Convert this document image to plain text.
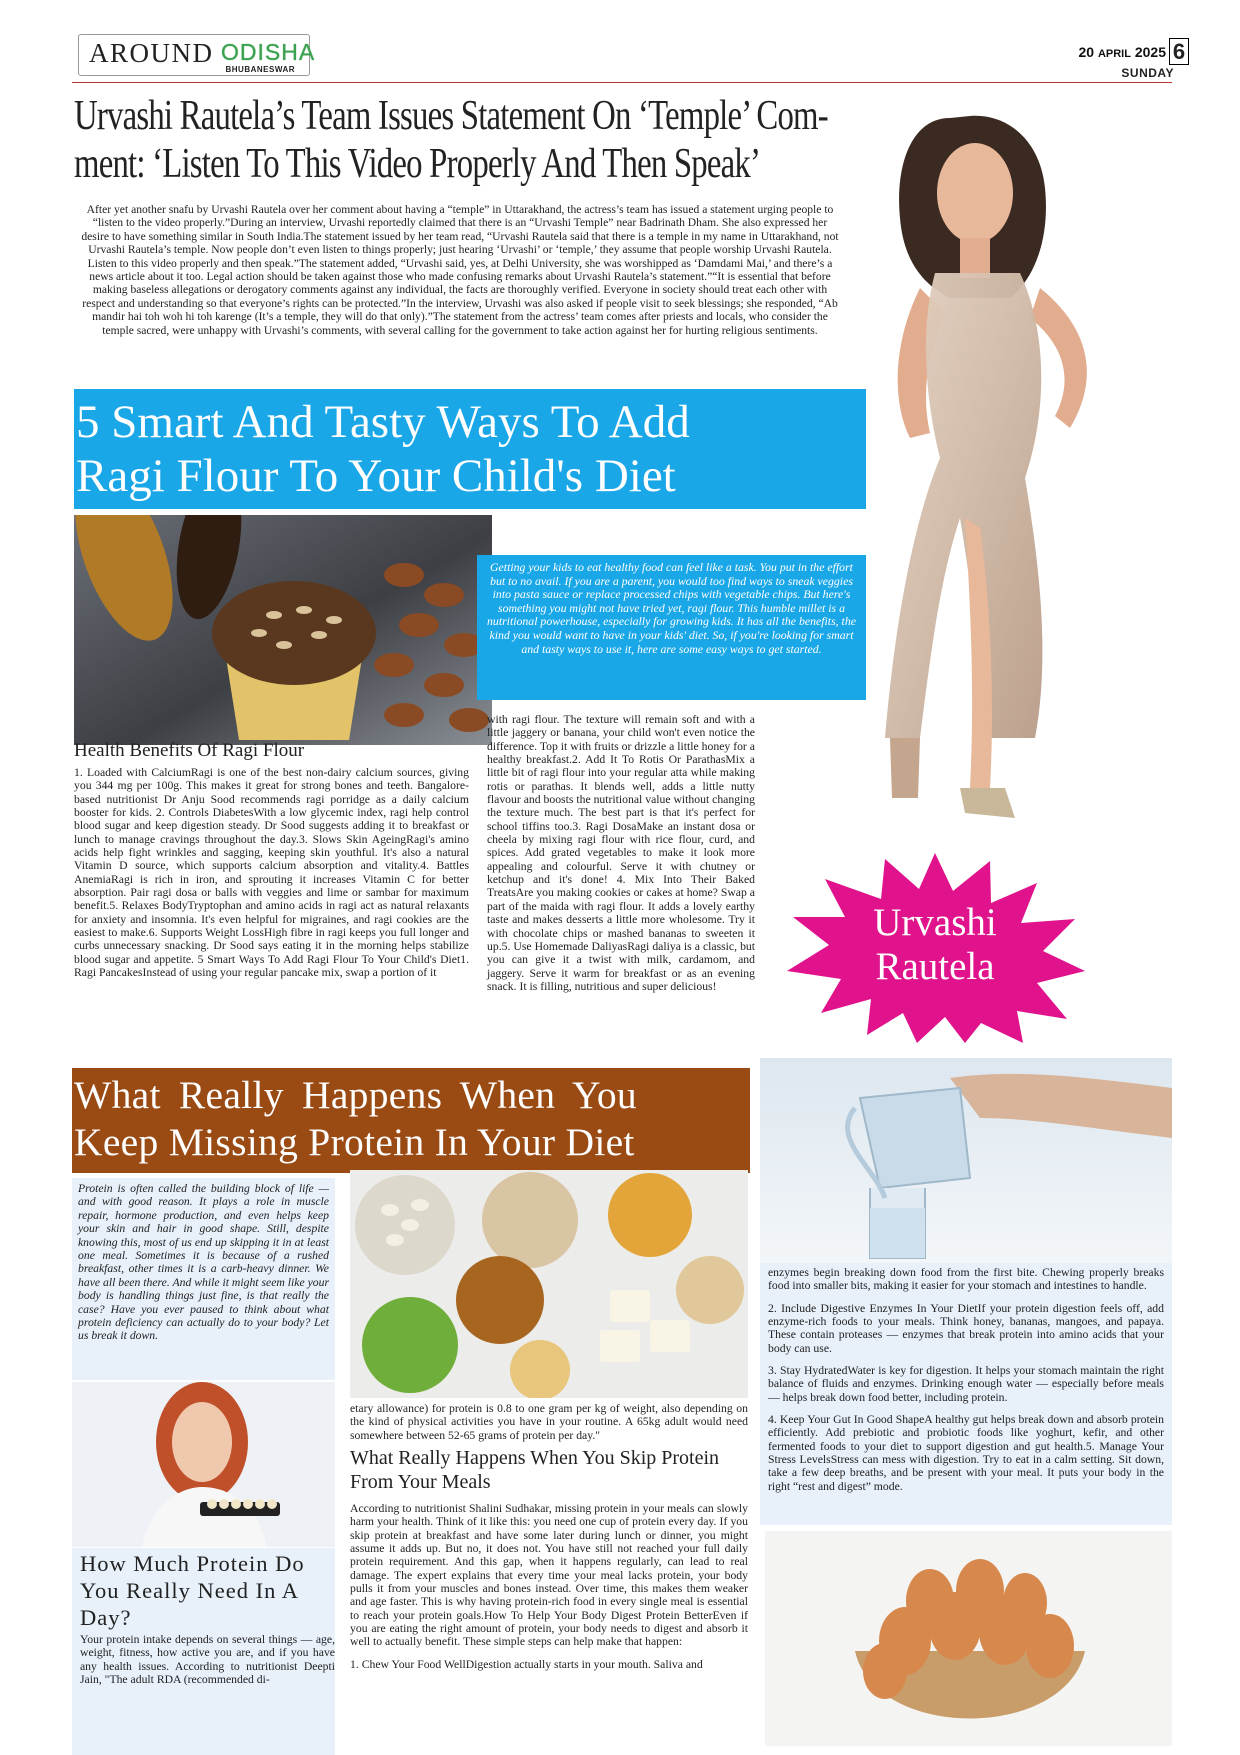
AROUND ODISHA
BHUBANESWAR
20 APRIL 2025 6
SUNDAY
Urvashi Rautela’s Team Issues Statement On ‘Temple’ Com-
ment: ‘Listen To This Video Properly And Then Speak’
After yet another snafu by Urvashi Rautela over her comment about having a “temple” in Uttarakhand, the actress’s team has issued a statement urging people to “listen to the video properly.”During an interview, Urvashi reportedly claimed that there is an “Urvashi Temple” near Badrinath Dham. She also expressed her desire to have something similar in South India.The statement issued by her team read, “Urvashi Rautela said that there is a temple in my name in Uttarakhand, not Urvashi Rautela’s temple. Now people don’t even listen to things properly; just hearing ‘Urvashi’ or ‘temple,’ they assume that people worship Urvashi Rautela. Listen to this video properly and then speak.”The statement added, “Urvashi said, yes, at Delhi University, she was worshipped as ‘Damdami Mai,’ and there’s a news article about it too. Legal action should be taken against those who made confusing remarks about Urvashi Rautela’s statement.”“It is essential that before making baseless allegations or derogatory comments against any individual, the facts are thoroughly verified. Everyone in society should treat each other with respect and understanding so that everyone’s rights can be protected.”In the interview, Urvashi was also asked if people visit to seek blessings; she responded, “Ab mandir hai toh woh hi toh karenge (It’s a temple, they will do that only).”The statement from the actress’ team comes after priests and locals, who consider the temple sacred, were unhappy with Urvashi’s comments, with several calling for the government to take action against her for hurting religious sentiments.
5 Smart And Tasty Ways To Add
Ragi Flour To Your Child's Diet

Getting your kids to eat healthy food can feel like a task. You put in the effort but to no avail. If you are a parent, you would too find ways to sneak veggies into pasta sauce or replace processed chips with vegetable chips. But here's something you might not have tried yet, ragi flour. This humble millet is a nutritional powerhouse, especially for growing kids. It has all the benefits, the kind you would want to have in your kids' diet. So, if you're looking for smart and tasty ways to use it, here are some easy ways to get started.

Health Benefits Of Ragi Flour
1. Loaded with CalciumRagi is one of the best non-dairy calcium sources, giving you 344 mg per 100g. This makes it great for strong bones and teeth. Bangalore-based nutritionist Dr Anju Sood recommends ragi porridge as a daily calcium booster for kids. 2. Controls DiabetesWith a low glycemic index, ragi help control blood sugar and keep digestion steady. Dr Sood suggests adding it to breakfast or lunch to manage cravings throughout the day.3. Slows Skin AgeingRagi's amino acids help fight wrinkles and sagging, keeping skin youthful. It's also a natural Vitamin D source, which supports calcium absorption and vitality.4. Battles AnemiaRagi is rich in iron, and sprouting it increases Vitamin C for better absorption. Pair ragi dosa or balls with veggies and lime or sambar for maximum benefit.5. Relaxes BodyTryptophan and amino acids in ragi act as natural relaxants for anxiety and insomnia. It's even helpful for migraines, and ragi cookies are the easiest to make.6. Supports Weight LossHigh fibre in ragi keeps you full longer and curbs unnecessary snacking. Dr Sood says eating it in the morning helps stabilize blood sugar and appetite. 5 Smart Ways To Add Ragi Flour To Your Child's Diet1. Ragi PancakesInstead of using your regular pancake mix, swap a portion of it
with ragi flour. The texture will remain soft and with a little jaggery or banana, your child won't even notice the difference. Top it with fruits or drizzle a little honey for a healthy breakfast.2. Add It To Rotis Or ParathasMix a little bit of ragi flour into your regular atta while making rotis or parathas. It blends well, adds a little nutty flavour and boosts the nutritional value without changing the texture much. The best part is that it's perfect for school tiffins too.3. Ragi DosaMake an instant dosa or cheela by mixing ragi flour with rice flour, curd, and spices. Add grated vegetables to make it look more appealing and colourful. Serve it with chutney or ketchup and it's done! 4. Mix Into Their Baked TreatsAre you making cookies or cakes at home? Swap a part of the maida with ragi flour. It adds a lovely earthy taste and makes desserts a little more wholesome. Try it with chocolate chips or mashed bananas to sweeten it up.5. Use Homemade DaliyasRagi daliya is a classic, but you can give it a twist with milk, cardamom, and jaggery. Serve it warm for breakfast or as an evening snack. It is filling, nutritious and super delicious!
Urvashi
Rautela
What Really Happens When You
Keep Missing Protein In Your Diet

Protein is often called the building block of life — and with good reason. It plays a role in muscle repair, hormone production, and even helps keep your skin and hair in good shape. Still, despite knowing this, most of us end up skipping it in at least one meal. Sometimes it is because of a rushed breakfast, other times it is a carb-heavy dinner. We have all been there. And while it might seem like your body is handling things just fine, is that really the case? Have you ever paused to think about what protein deficiency can actually do to your body? Let us break it down.

How Much Protein Do You Really Need In A Day?
Your protein intake depends on several things — age, weight, fitness, how active you are, and if you have any health issues. According to nutritionist Deepti Jain, "The adult RDA (recommended di-
etary allowance) for protein is 0.8 to one gram per kg of weight, also depending on the kind of physical activities you have in your routine. A 65kg adult would need somewhere between 52-65 grams of protein per day."
What Really Happens When You Skip Protein From Your Meals
According to nutritionist Shalini Sudhakar, missing protein in your meals can slowly harm your health. Think of it like this: you need one cup of protein every day. If you skip protein at breakfast and have some later during lunch or dinner, you might assume it adds up. But no, it does not. You have still not reached your full daily protein requirement. And this gap, when it happens regularly, can lead to real damage. The expert explains that every time your meal lacks protein, your body pulls it from your muscles and bones instead. Over time, this makes them weaker and age faster. This is why having protein-rich food in every single meal is essential to reach your protein goals.How To Help Your Body Digest Protein BetterEven if you are eating the right amount of protein, your body needs to digest and absorb it well to actually benefit. These simple steps can help make that happen:
1. Chew Your Food WellDigestion actually starts in your mouth. Saliva and
enzymes begin breaking down food from the first bite. Chewing properly breaks food into smaller bits, making it easier for your stomach and intestines to handle.
2. Include Digestive Enzymes In Your DietIf your protein digestion feels off, add enzyme-rich foods to your meals. Think honey, bananas, mangoes, and papaya. These contain proteases — enzymes that break protein into amino acids that your body can use.
3. Stay HydratedWater is key for digestion. It helps your stomach maintain the right balance of fluids and enzymes. Drinking enough water — especially before meals — helps break down food better, including protein.
4. Keep Your Gut In Good ShapeA healthy gut helps break down and absorb protein efficiently. Add prebiotic and probiotic foods like yoghurt, kefir, and other fermented foods to your diet to support digestion and gut health.5. Manage Your Stress LevelsStress can mess with digestion. Try to eat in a calm setting. Sit down, take a few deep breaths, and be present with your meal. It puts your body in the right “rest and digest” mode.
